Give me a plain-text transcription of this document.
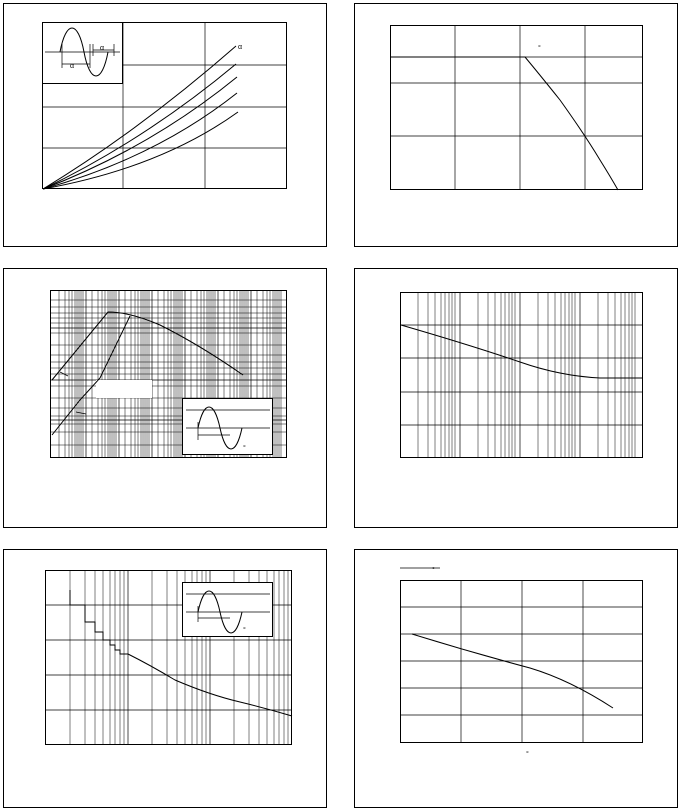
α
α
α	°
°
°
°
°
